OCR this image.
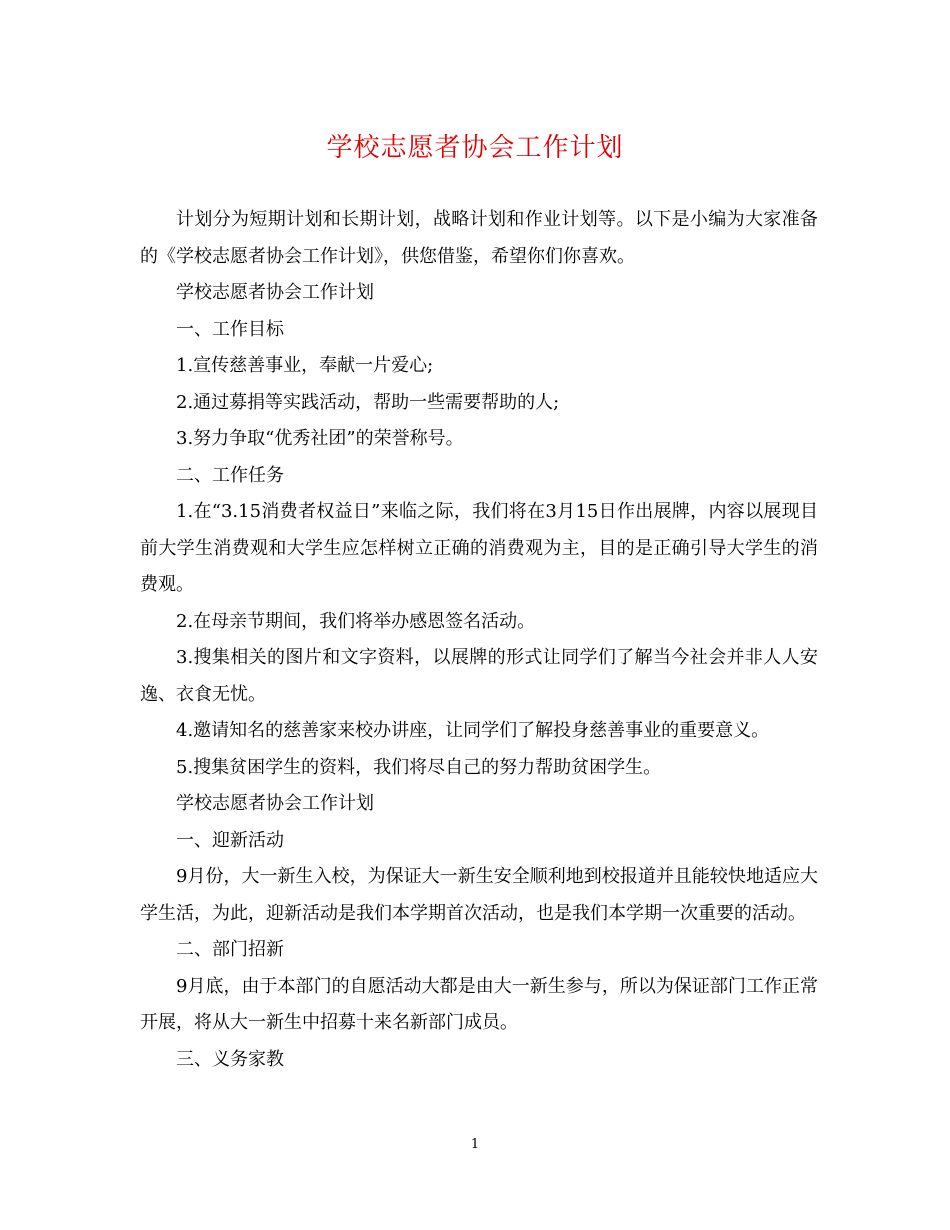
学校志愿者协会工作计划

计划分为短期计划和长期计划，战略计划和作业计划等。以下是小编为大家准备的《学校志愿者协会工作计划》，供您借鉴，希望你们你喜欢。

学校志愿者协会工作计划

一、工作目标

1.宣传慈善事业，奉献一片爱心;

2.通过募捐等实践活动，帮助一些需要帮助的人;

3.努力争取“优秀社团”的荣誉称号。

二、工作任务

1.在“3.15消费者权益日”来临之际，我们将在3月15日作出展牌，内容以展现目前大学生消费观和大学生应怎样树立正确的消费观为主，目的是正确引导大学生的消费观。

2.在母亲节期间，我们将举办感恩签名活动。

3.搜集相关的图片和文字资料，以展牌的形式让同学们了解当今社会并非人人安逸、衣食无忧。

4.邀请知名的慈善家来校办讲座，让同学们了解投身慈善事业的重要意义。

5.搜集贫困学生的资料，我们将尽自己的努力帮助贫困学生。

学校志愿者协会工作计划

一、迎新活动

9月份，大一新生入校，为保证大一新生安全顺利地到校报道并且能较快地适应大学生活，为此，迎新活动是我们本学期首次活动，也是我们本学期一次重要的活动。

二、部门招新

9月底，由于本部门的自愿活动大都是由大一新生参与，所以为保证部门工作正常开展，将从大一新生中招募十来名新部门成员。

三、义务家教

1
